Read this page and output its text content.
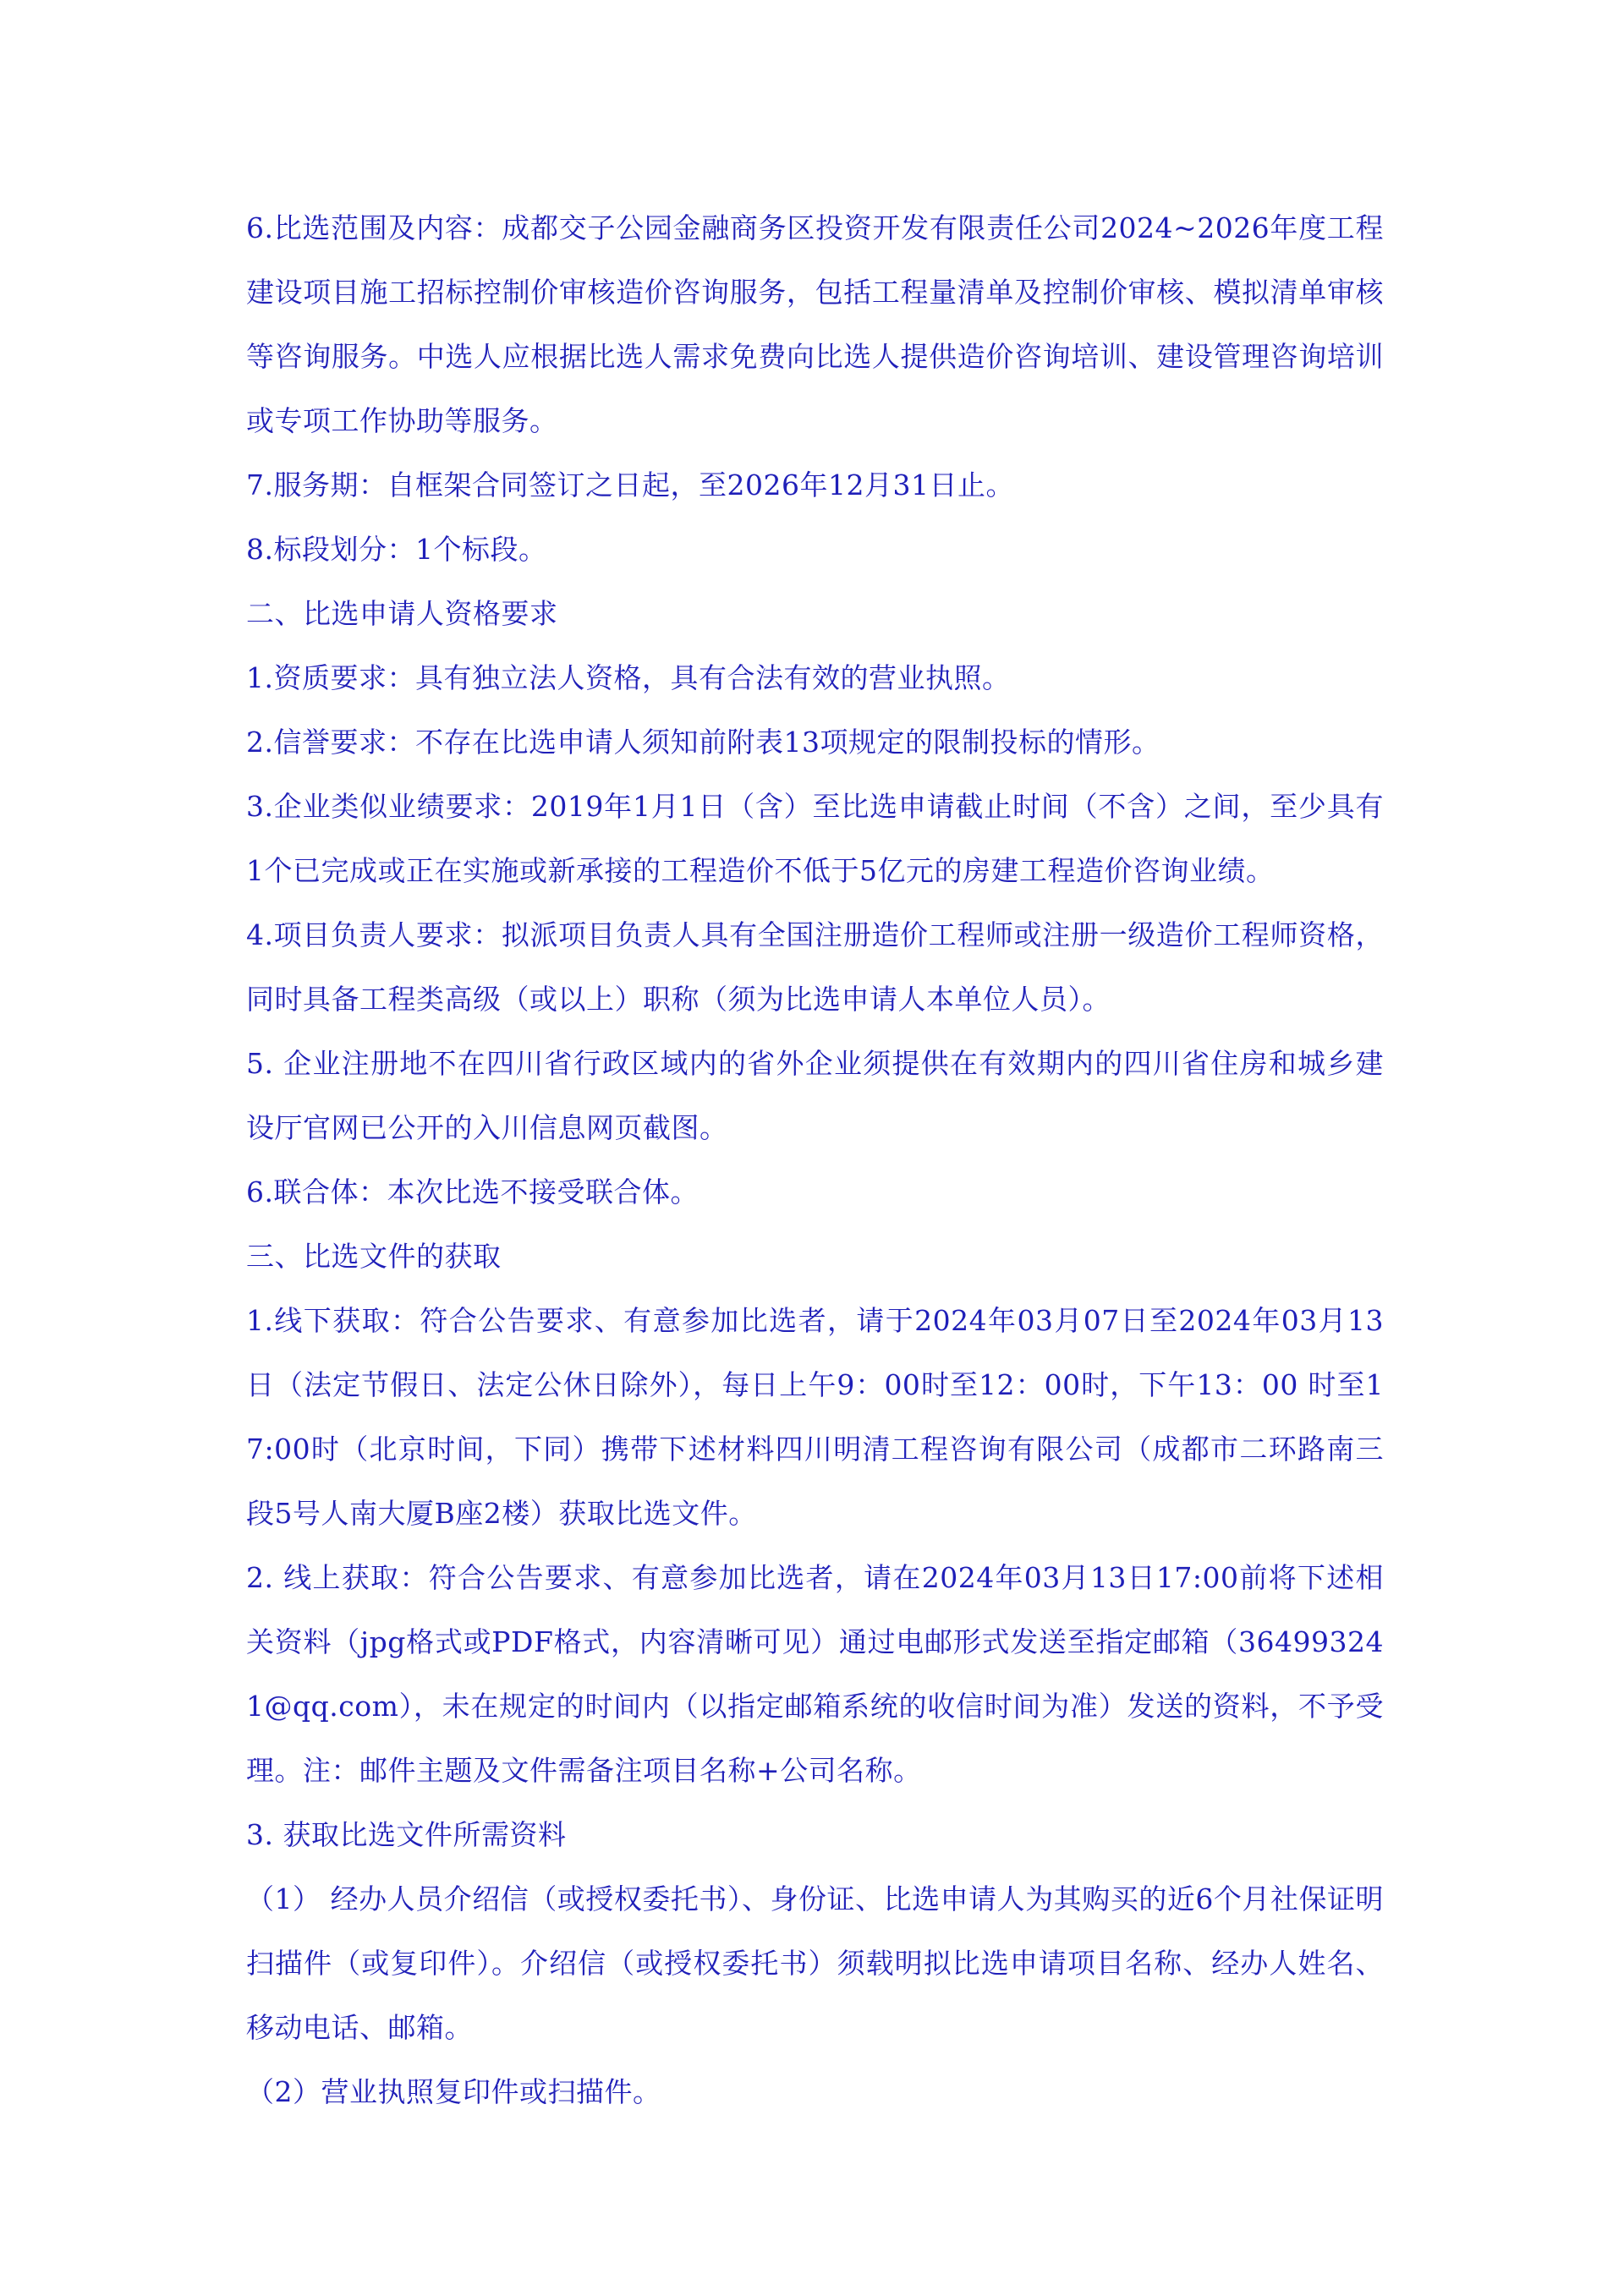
6.比选范围及内容：成都交子公园金融商务区投资开发有限责任公司2024~2026年度工程建设项目施工招标控制价审核造价咨询服务，包括工程量清单及控制价审核、模拟清单审核等咨询服务。中选人应根据比选人需求免费向比选人提供造价咨询培训、建设管理咨询培训或专项工作协助等服务。

7.服务期：自框架合同签订之日起，至2026年12月31日止。

8.标段划分：1个标段。

二、比选申请人资格要求

1.资质要求：具有独立法人资格，具有合法有效的营业执照。

2.信誉要求：不存在比选申请人须知前附表13项规定的限制投标的情形。

3.企业类似业绩要求：2019年1月1日（含）至比选申请截止时间（不含）之间，至少具有1个已完成或正在实施或新承接的工程造价不低于5亿元的房建工程造价咨询业绩。

4.项目负责人要求：拟派项目负责人具有全国注册造价工程师或注册一级造价工程师资格，同时具备工程类高级（或以上）职称（须为比选申请人本单位人员）。

5. 企业注册地不在四川省行政区域内的省外企业须提供在有效期内的四川省住房和城乡建设厅官网已公开的入川信息网页截图。

6.联合体：本次比选不接受联合体。

三、比选文件的获取

1.线下获取：符合公告要求、有意参加比选者，请于2024年03月07日至2024年03月13日（法定节假日、法定公休日除外），每日上午9：00时至12：00时，下午13：00 时至17:00时（北京时间，下同）携带下述材料四川明清工程咨询有限公司（成都市二环路南三段5号人南大厦B座2楼）获取比选文件。

2. 线上获取：符合公告要求、有意参加比选者，请在2024年03月13日17:00前将下述相关资料（jpg格式或PDF格式，内容清晰可见）通过电邮形式发送至指定邮箱（364993241@qq.com），未在规定的时间内（以指定邮箱系统的收信时间为准）发送的资料，不予受理。注：邮件主题及文件需备注项目名称+公司名称。

3. 获取比选文件所需资料

（1） 经办人员介绍信（或授权委托书）、身份证、比选申请人为其购买的近6个月社保证明扫描件（或复印件）。介绍信（或授权委托书）须载明拟比选申请项目名称、经办人姓名、移动电话、邮箱。

（2）营业执照复印件或扫描件。
